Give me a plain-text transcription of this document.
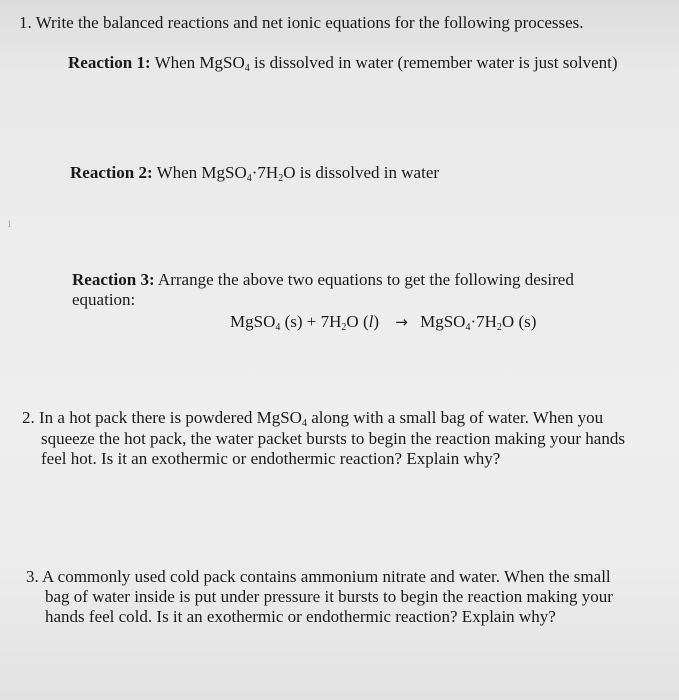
1. Write the balanced reactions and net ionic equations for the following processes.
Reaction 1: When MgSO$_4$ is dissolved in water (remember water is just solvent)
Reaction 2: When $MgSO_4\cdot 7H_2O$ is dissolved in water
1
Reaction 3: Arrange the above two equations to get the following desired
equation:
MgSO$_4$ $(s) + 7H_2O$ $(l) \to MgSO_4\cdot 7H_2O$ (s)
2. In a hot pack there is powdered MgSO$_4$ along with a small bag of water. When you
squeeze the hot pack, the water packet bursts to begin the reaction making your hands
feel hot. Is it an exothermic or endothermic reaction? Explain why?
3. A commonly used cold pack contains ammonium nitrate and water. When the small
bag of water inside is put under pressure it bursts to begin the reaction making your
hands feel cold. Is it an exothermic or endothermic reaction? Explain why?
